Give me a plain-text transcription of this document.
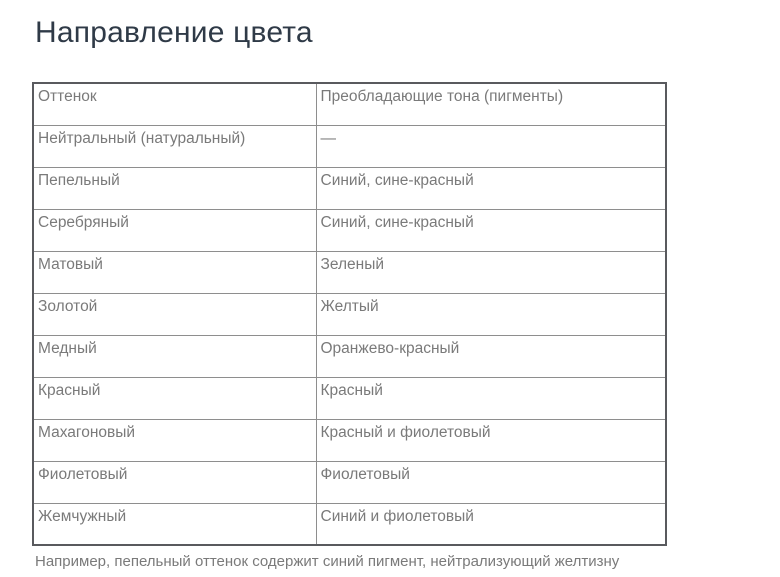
Направление цвета
Оттенок	Преобладающие тона (пигменты)
Нейтральный (натуральный)	—
Пепельный	Синий, сине-красный
Серебряный	Синий, сине-красный
Матовый	Зеленый
Золотой	Желтый
Медный	Оранжево-красный
Красный	Красный
Махагоновый	Красный и фиолетовый
Фиолетовый	Фиолетовый
Жемчужный	Синий и фиолетовый

Например, пепельный оттенок содержит синий пигмент, нейтрализующий желтизну
